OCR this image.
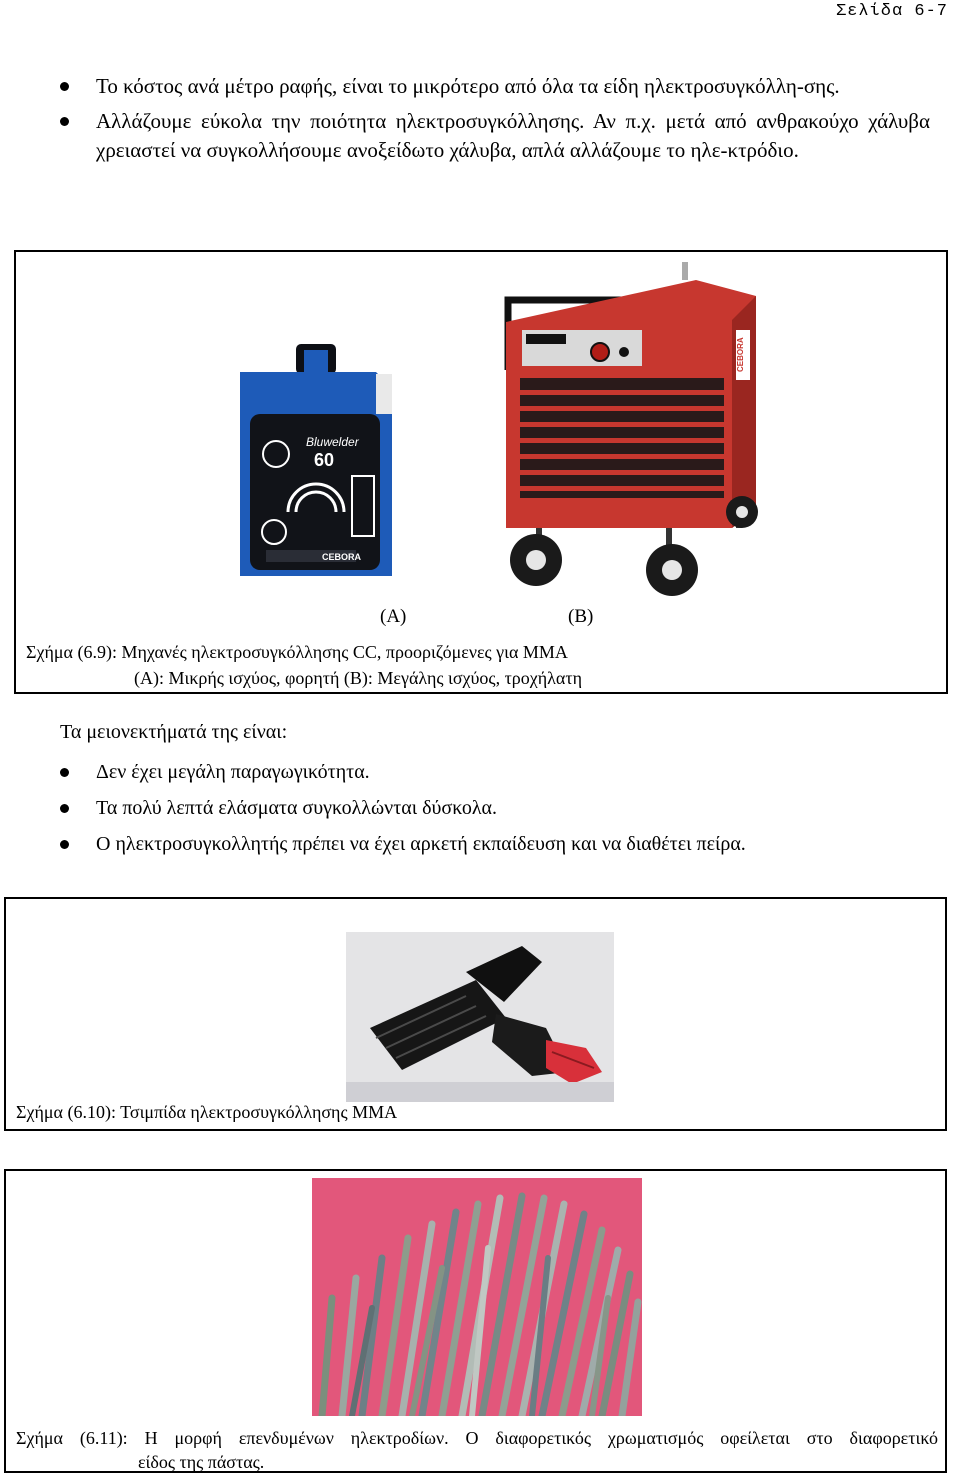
Σελίδα 6-7
Το κόστος ανά μέτρο ραφής, είναι το μικρότερο από όλα τα είδη ηλεκτροσυγκόλλη-σης.
Αλλάζουμε εύκολα την ποιότητα ηλεκτροσυγκόλλησης. Αν π.χ. μετά από ανθρακούχο χάλυβα χρειαστεί να συγκολλήσουμε ανοξείδωτο χάλυβα, απλά αλλάζουμε το ηλε-κτρόδιο.
Bluwelder
60
CEBORA
CEBORA
(Α)	(Β)
Σχήμα (6.9): Μηχανές ηλεκτροσυγκόλλησης CC, προοριζόμενες για ΜΜΑ
(Α): Μικρής ισχύος, φορητή (Β): Μεγάλης ισχύος, τροχήλατη
Τα μειονεκτήματά της είναι:
Δεν έχει μεγάλη παραγωγικότητα.
Τα πολύ λεπτά ελάσματα συγκολλώνται δύσκολα.
Ο ηλεκτροσυγκολλητής πρέπει να έχει αρκετή εκπαίδευση και να διαθέτει πείρα.
Σχήμα (6.10): Τσιμπίδα ηλεκτροσυγκόλλησης ΜΜΑ
Σχήμα (6.11): Η μορφή επενδυμένων ηλεκτροδίων. Ο διαφορετικός χρωματισμός οφείλεται στο διαφορετικό
είδος της πάστας.
